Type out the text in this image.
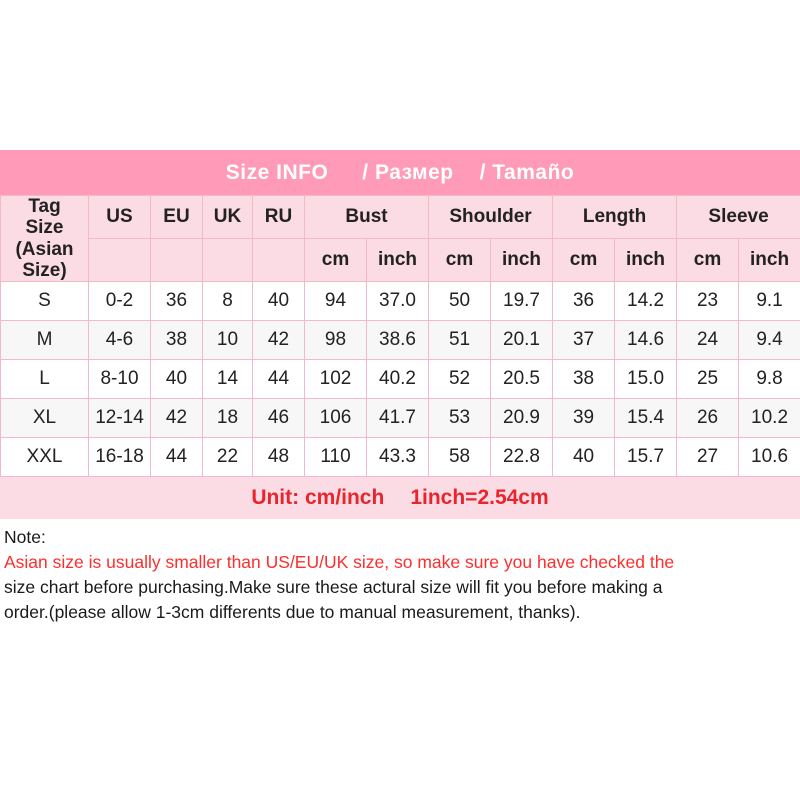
Size INFO / Размер / Tamaño
Tag
Size
(Asian
Size)	US	EU	UK	RU	Bust		Shoulder		Length		Sleeve	
					cm	inch	cm	inch	cm	inch	cm	inch
S	0-2	36	8	40	94	37.0	50	19.7	36	14.2	23	9.1
M	4-6	38	10	42	98	38.6	51	20.1	37	14.6	24	9.4
L	8-10	40	14	44	102	40.2	52	20.5	38	15.0	25	9.8
XL	12-14	42	18	46	106	41.7	53	20.9	39	15.4	26	10.2
XXL	16-18	44	22	48	110	43.3	58	22.8	40	15.7	27	10.6
Unit: cm/inch 1inch=2.54cm
Note:
Asian size is usually smaller than US/EU/UK size, so make sure you have checked the
size chart before purchasing.Make sure these actural size will fit you before making a
order.(please allow 1-3cm differents due to manual measurement, thanks).
